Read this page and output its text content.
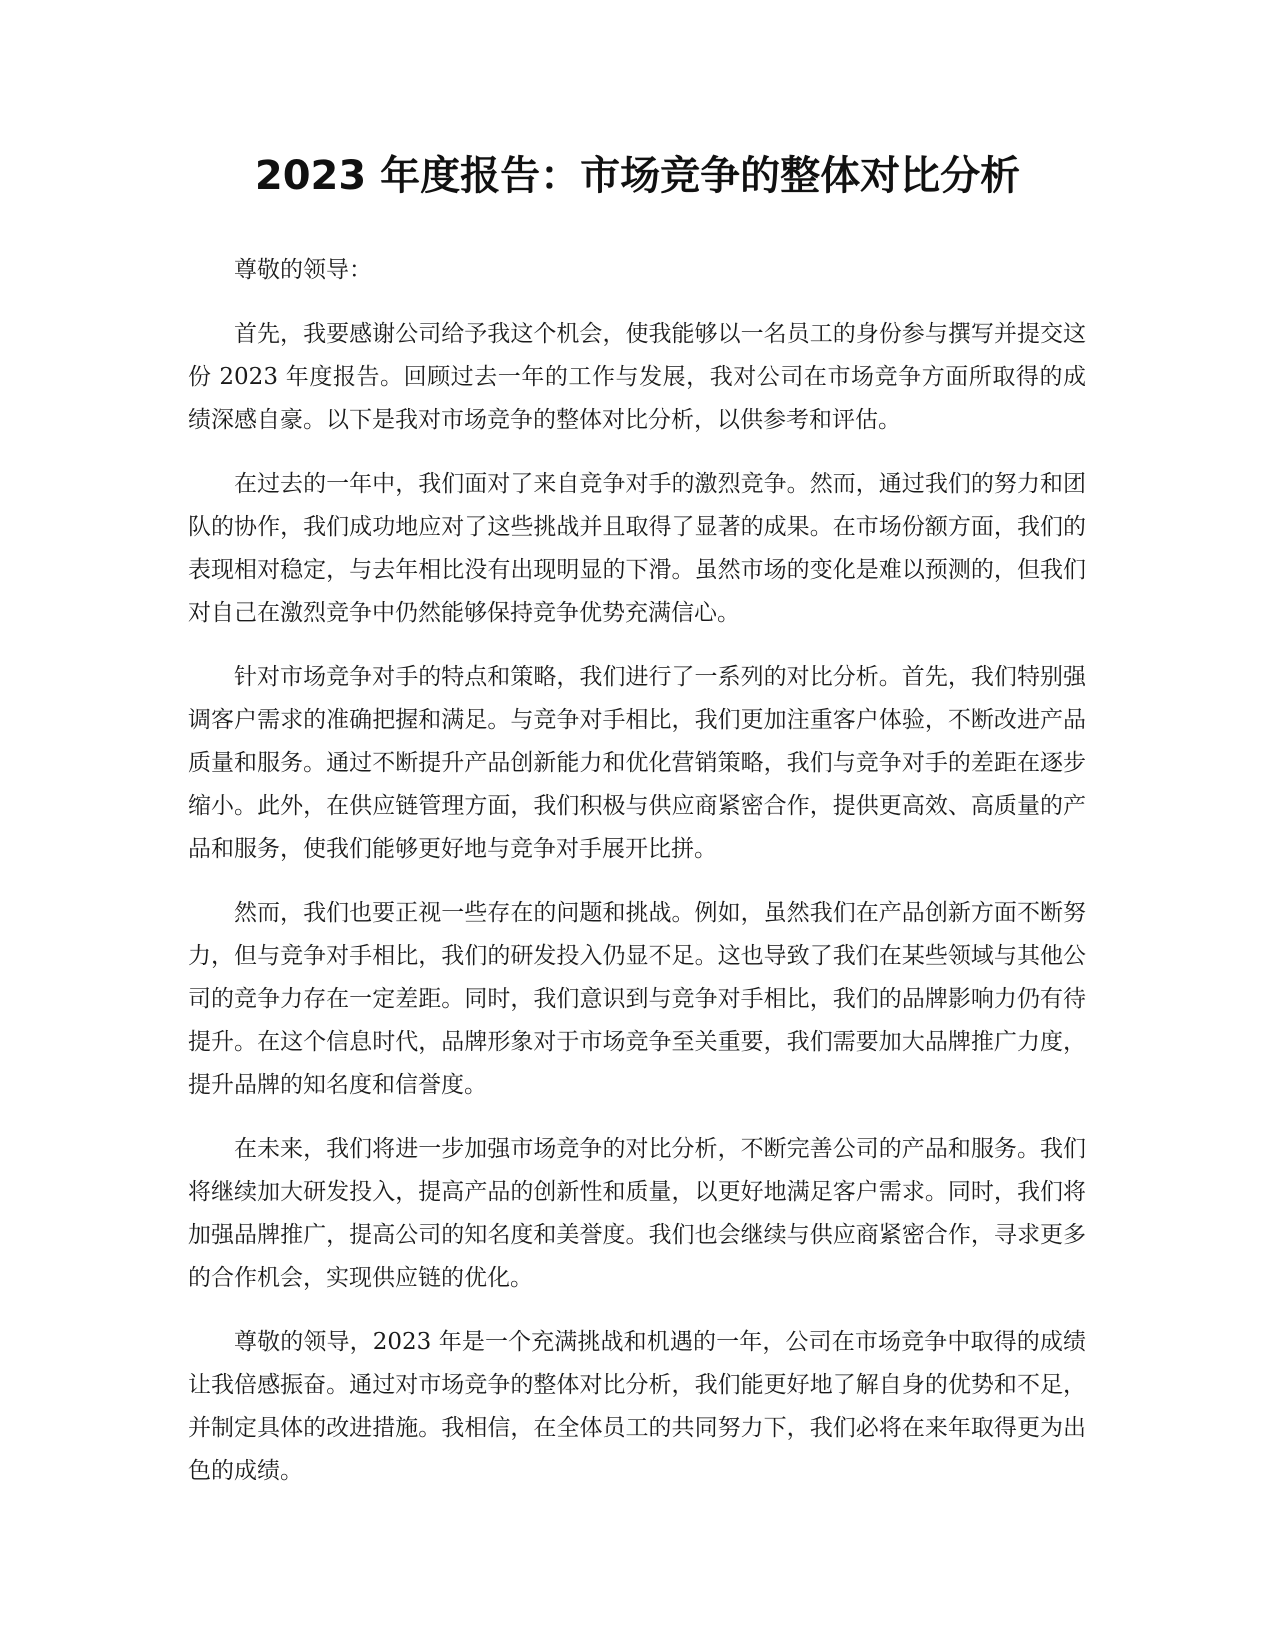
2023 年度报告：市场竞争的整体对比分析

尊敬的领导：

首先，我要感谢公司给予我这个机会，使我能够以一名员工的身份参与撰写并提交这份 2023 年度报告。回顾过去一年的工作与发展，我对公司在市场竞争方面所取得的成绩深感自豪。以下是我对市场竞争的整体对比分析，以供参考和评估。

在过去的一年中，我们面对了来自竞争对手的激烈竞争。然而，通过我们的努力和团队的协作，我们成功地应对了这些挑战并且取得了显著的成果。在市场份额方面，我们的表现相对稳定，与去年相比没有出现明显的下滑。虽然市场的变化是难以预测的，但我们对自己在激烈竞争中仍然能够保持竞争优势充满信心。

针对市场竞争对手的特点和策略，我们进行了一系列的对比分析。首先，我们特别强调客户需求的准确把握和满足。与竞争对手相比，我们更加注重客户体验，不断改进产品质量和服务。通过不断提升产品创新能力和优化营销策略，我们与竞争对手的差距在逐步缩小。此外，在供应链管理方面，我们积极与供应商紧密合作，提供更高效、高质量的产品和服务，使我们能够更好地与竞争对手展开比拼。

然而，我们也要正视一些存在的问题和挑战。例如，虽然我们在产品创新方面不断努力，但与竞争对手相比，我们的研发投入仍显不足。这也导致了我们在某些领域与其他公司的竞争力存在一定差距。同时，我们意识到与竞争对手相比，我们的品牌影响力仍有待提升。在这个信息时代，品牌形象对于市场竞争至关重要，我们需要加大品牌推广力度，提升品牌的知名度和信誉度。

在未来，我们将进一步加强市场竞争的对比分析，不断完善公司的产品和服务。我们将继续加大研发投入，提高产品的创新性和质量，以更好地满足客户需求。同时，我们将加强品牌推广，提高公司的知名度和美誉度。我们也会继续与供应商紧密合作，寻求更多的合作机会，实现供应链的优化。

尊敬的领导，2023 年是一个充满挑战和机遇的一年，公司在市场竞争中取得的成绩让我倍感振奋。通过对市场竞争的整体对比分析，我们能更好地了解自身的优势和不足，并制定具体的改进措施。我相信，在全体员工的共同努力下，我们必将在来年取得更为出色的成绩。
